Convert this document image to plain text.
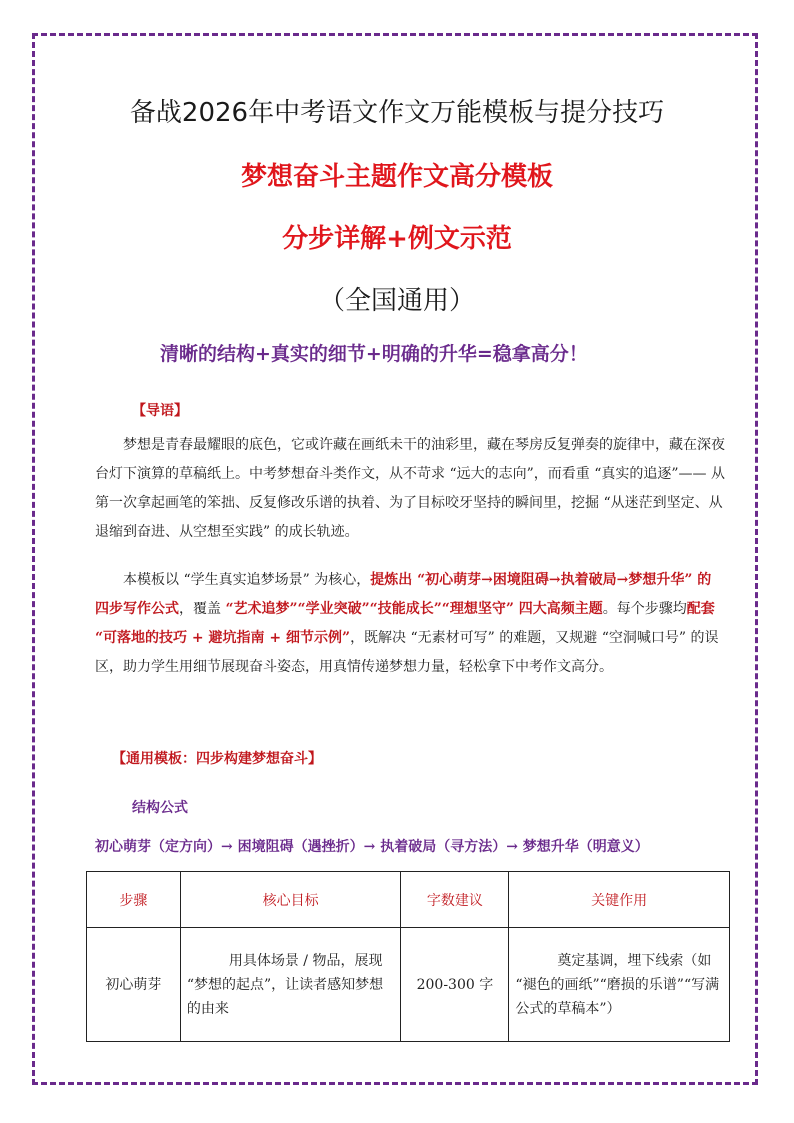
备战2026年中考语文作文万能模板与提分技巧
梦想奋斗主题作文高分模板
分步详解+例文示范
（全国通用）
清晰的结构+真实的细节+明确的升华=稳拿高分！
【导语】
梦想是青春最耀眼的底色，它或许藏在画纸未干的油彩里，藏在琴房反复弹奏的旋律中，藏在深夜台灯下演算的草稿纸上。中考梦想奋斗类作文，从不苛求 “远大的志向”，而看重 “真实的追逐”—— 从第一次拿起画笔的笨拙、反复修改乐谱的执着、为了目标咬牙坚持的瞬间里，挖掘 “从迷茫到坚定、从退缩到奋进、从空想至实践” 的成长轨迹。
本模板以 “学生真实追梦场景” 为核心，提炼出 “初心萌芽→困境阻碍→执着破局→梦想升华” 的四步写作公式，覆盖 “艺术追梦”“学业突破”“技能成长”“理想坚守” 四大高频主题。每个步骤均配套 “可落地的技巧 + 避坑指南 + 细节示例”，既解决 “无素材可写” 的难题，又规避 “空洞喊口号” 的误区，助力学生用细节展现奋斗姿态，用真情传递梦想力量，轻松拿下中考作文高分。
【通用模板：四步构建梦想奋斗】
结构公式
初心萌芽（定方向）→ 困境阻碍（遇挫折）→ 执着破局（寻方法）→ 梦想升华（明意义）
步骤	核心目标	字数建议	关键作用
初心萌芽	用具体场景 / 物品，展现 “梦想的起点”，让读者感知梦想的由来	200-300 字	奠定基调，埋下线索（如 “褪色的画纸”“磨损的乐谱”“写满公式的草稿本”）
